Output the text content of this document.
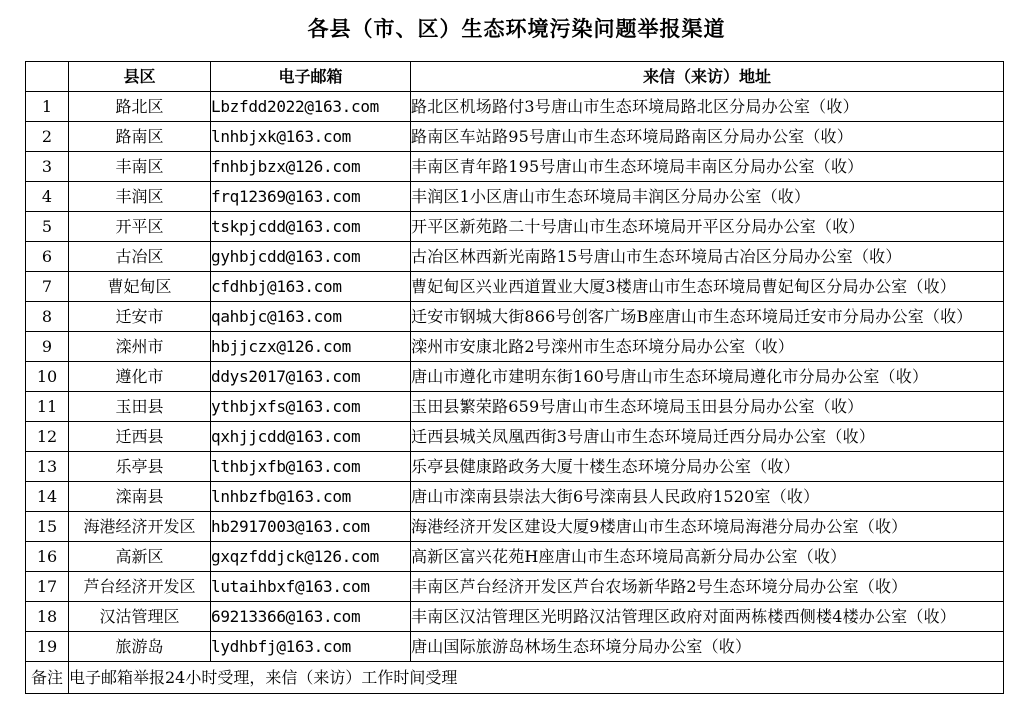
各县（市、区）生态环境污染问题举报渠道
	县区	电子邮箱	来信（来访）地址
1	路北区	Lbzfdd2022@163.com	路北区机场路付3号唐山市生态环境局路北区分局办公室（收）
2	路南区	lnhbjxk@163.com	路南区车站路95号唐山市生态环境局路南区分局办公室（收）
3	丰南区	fnhbjbzx@126.com	丰南区青年路195号唐山市生态环境局丰南区分局办公室（收）
4	丰润区	frq12369@163.com	丰润区1小区唐山市生态环境局丰润区分局办公室（收）
5	开平区	tskpjcdd@163.com	开平区新苑路二十号唐山市生态环境局开平区分局办公室（收）
6	古冶区	gyhbjcdd@163.com	古冶区林西新光南路15号唐山市生态环境局古冶区分局办公室（收）
7	曹妃甸区	cfdhbj@163.com	曹妃甸区兴业西道置业大厦3楼唐山市生态环境局曹妃甸区分局办公室（收）
8	迁安市	qahbjc@163.com	迁安市钢城大街866号创客广场B座唐山市生态环境局迁安市分局办公室（收）
9	滦州市	hbjjczx@126.com	滦州市安康北路2号滦州市生态环境分局办公室（收）
10	遵化市	ddys2017@163.com	唐山市遵化市建明东街160号唐山市生态环境局遵化市分局办公室（收）
11	玉田县	ythbjxfs@163.com	玉田县繁荣路659号唐山市生态环境局玉田县分局办公室（收）
12	迁西县	qxhjjcdd@163.com	迁西县城关凤凰西街3号唐山市生态环境局迁西分局办公室（收）
13	乐亭县	lthbjxfb@163.com	乐亭县健康路政务大厦十楼生态环境分局办公室（收）
14	滦南县	lnhbzfb@163.com	唐山市滦南县崇法大街6号滦南县人民政府1520室（收）
15	海港经济开发区	hb2917003@163.com	海港经济开发区建设大厦9楼唐山市生态环境局海港分局办公室（收）
16	高新区	gxqzfddjck@126.com	高新区富兴花苑H座唐山市生态环境局高新分局办公室（收）
17	芦台经济开发区	lutaihbxf@163.com	丰南区芦台经济开发区芦台农场新华路2号生态环境分局办公室（收）
18	汉沽管理区	69213366@163.com	丰南区汉沽管理区光明路汉沽管理区政府对面两栋楼西侧楼4楼办公室（收）
19	旅游岛	lydhbfj@163.com	唐山国际旅游岛林场生态环境分局办公室（收）
备注	电子邮箱举报24小时受理，来信（来访）工作时间受理		
